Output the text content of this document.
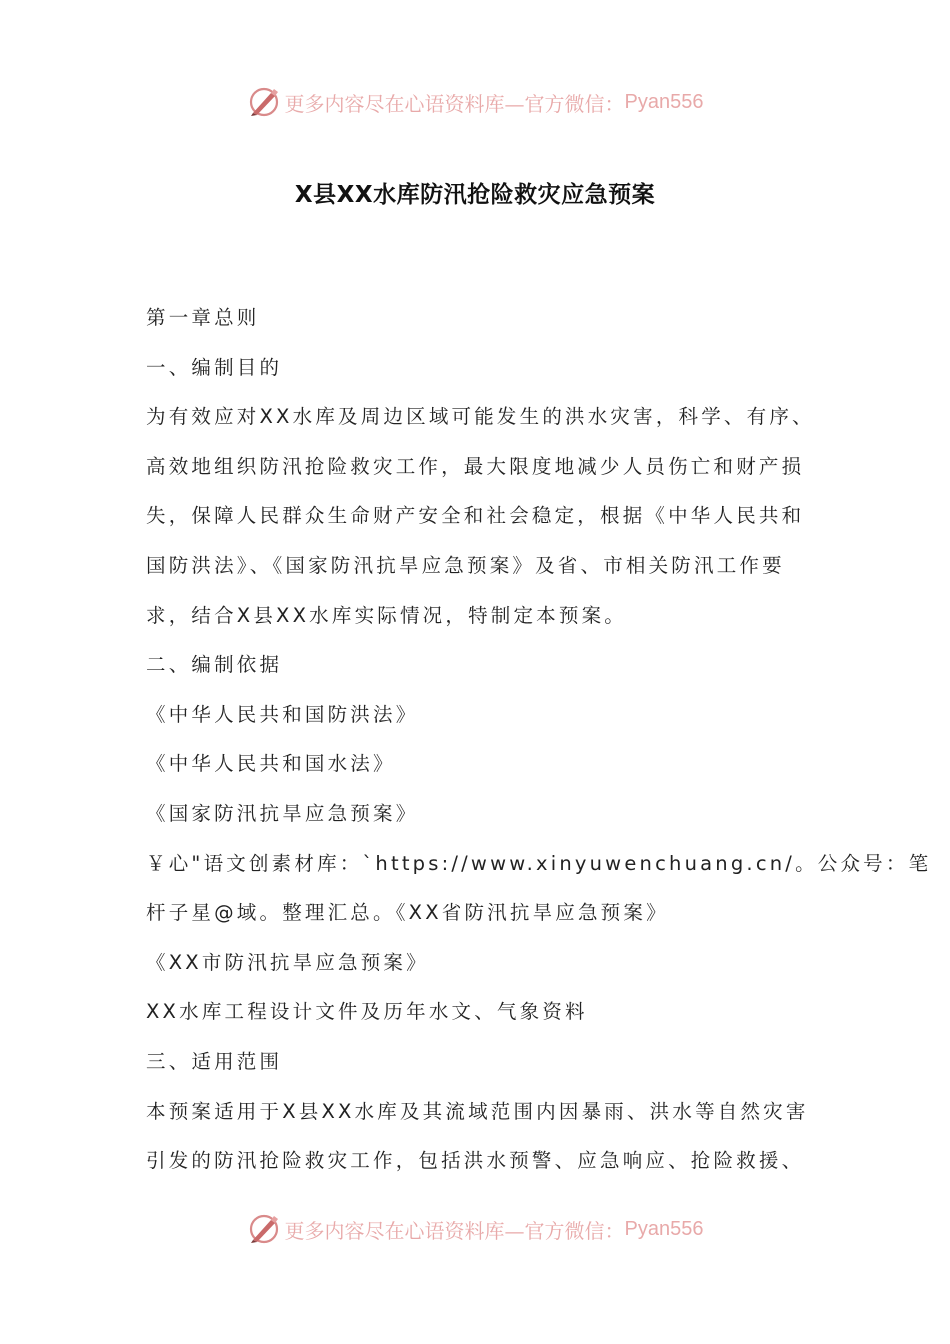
更多内容尽在心语资料库—官方微信： Pyan556
X县XX水库防汛抢险救灾应急预案
第一章总则
一、编制目的
为有效应对XX水库及周边区域可能发生的洪水灾害，科学、有序、
高效地组织防汛抢险救灾工作，最大限度地减少人员伤亡和财产损
失，保障人民群众生命财产安全和社会稳定，根据《中华人民共和
国防洪法》、《国家防汛抗旱应急预案》及省、市相关防汛工作要
求，结合X县XX水库实际情况，特制定本预案。
二、编制依据
《中华人民共和国防洪法》
《中华人民共和国水法》
《国家防汛抗旱应急预案》
￥心"语文创素材库：`https://www.xinyuwenchuang.cn/。公众号：笔
杆子星@域。整理汇总。《XX省防汛抗旱应急预案》
《XX市防汛抗旱应急预案》
XX水库工程设计文件及历年水文、气象资料
三、适用范围
本预案适用于X县XX水库及其流域范围内因暴雨、洪水等自然灾害
引发的防汛抢险救灾工作，包括洪水预警、应急响应、抢险救援、
更多内容尽在心语资料库—官方微信： Pyan556
